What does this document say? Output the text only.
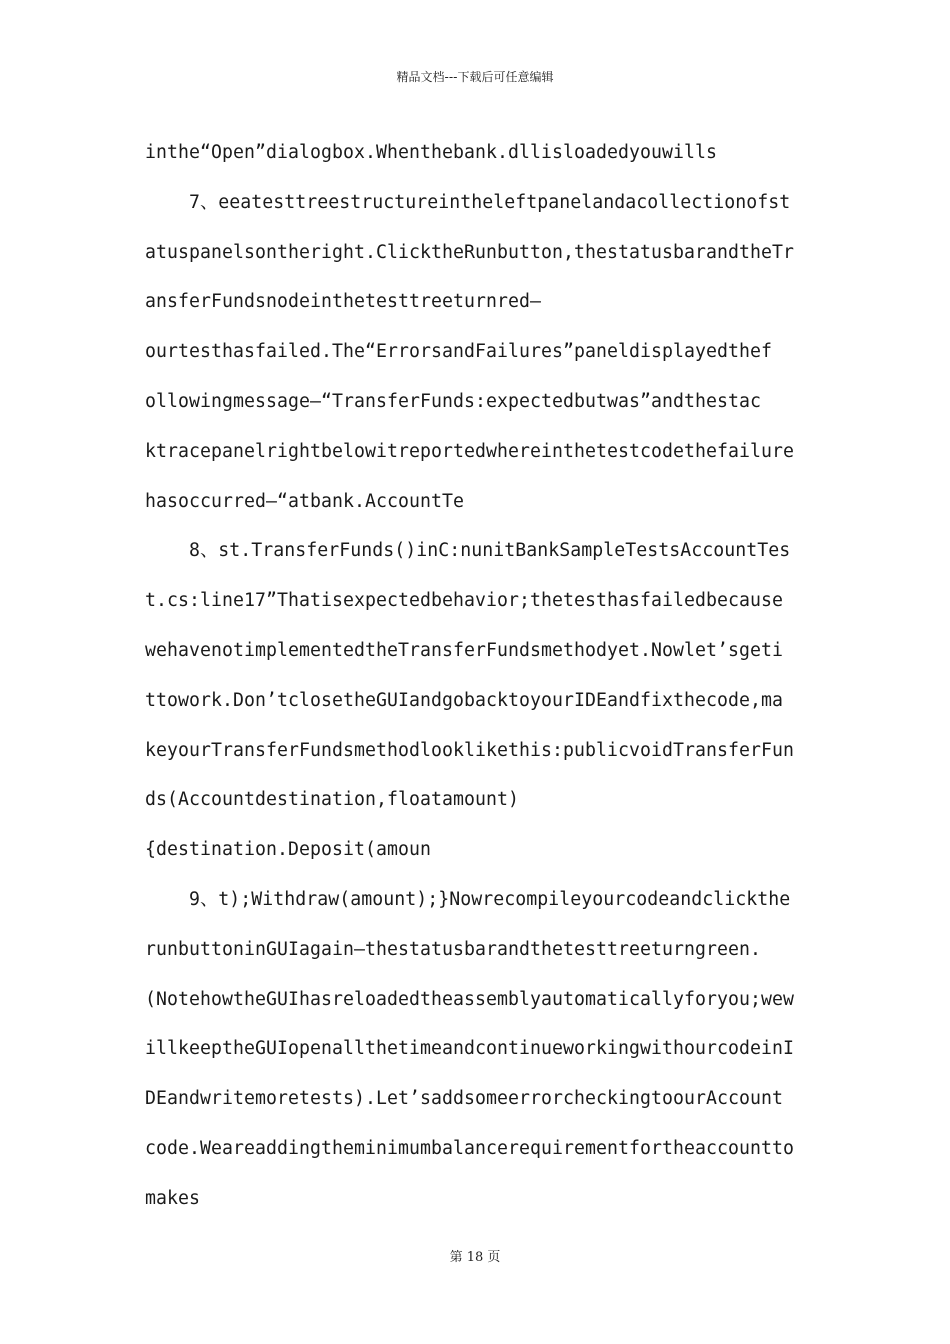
精品文档---下载后可任意编辑
inthe“Open”dialogbox.Whenthebank.dllisloadedyouwills
7、eeatesttreestructureintheleftpanelandacollectionofst
atuspanelsontheright.ClicktheRunbutton,thestatusbarandtheTr
ansferFundsnodeinthetesttreeturnred–
ourtesthasfailed.The“ErrorsandFailures”paneldisplayedthef
ollowingmessage–“TransferFunds:expectedbutwas”andthestac
ktracepanelrightbelowitreportedwhereinthetestcodethefailure
hasoccurred–“atbank.AccountTe
8、st.TransferFunds()inC:nunitBankSampleTestsAccountTes
t.cs:line17”Thatisexpectedbehavior;thetesthasfailedbecause
wehavenotimplementedtheTransferFundsmethodyet.Nowlet’sgeti
ttowork.Don’tclosetheGUIandgobacktoyourIDEandfixthecode,ma
keyourTransferFundsmethodlooklikethis:publicvoidTransferFun
ds(Accountdestination,floatamount)
{destination.Deposit(amoun
9、t);Withdraw(amount);}Nowrecompileyourcodeandclickthe
runbuttoninGUIagain–thestatusbarandthetesttreeturngreen.
(NotehowtheGUIhasreloadedtheassemblyautomaticallyforyou;wew
illkeeptheGUIopenallthetimeandcontinueworkingwithourcodeinI
DEandwritemoretests).Let’saddsomeerrorcheckingtoourAccount
code.Weareaddingtheminimumbalancerequirementfortheaccountto
makes
第 18 页
